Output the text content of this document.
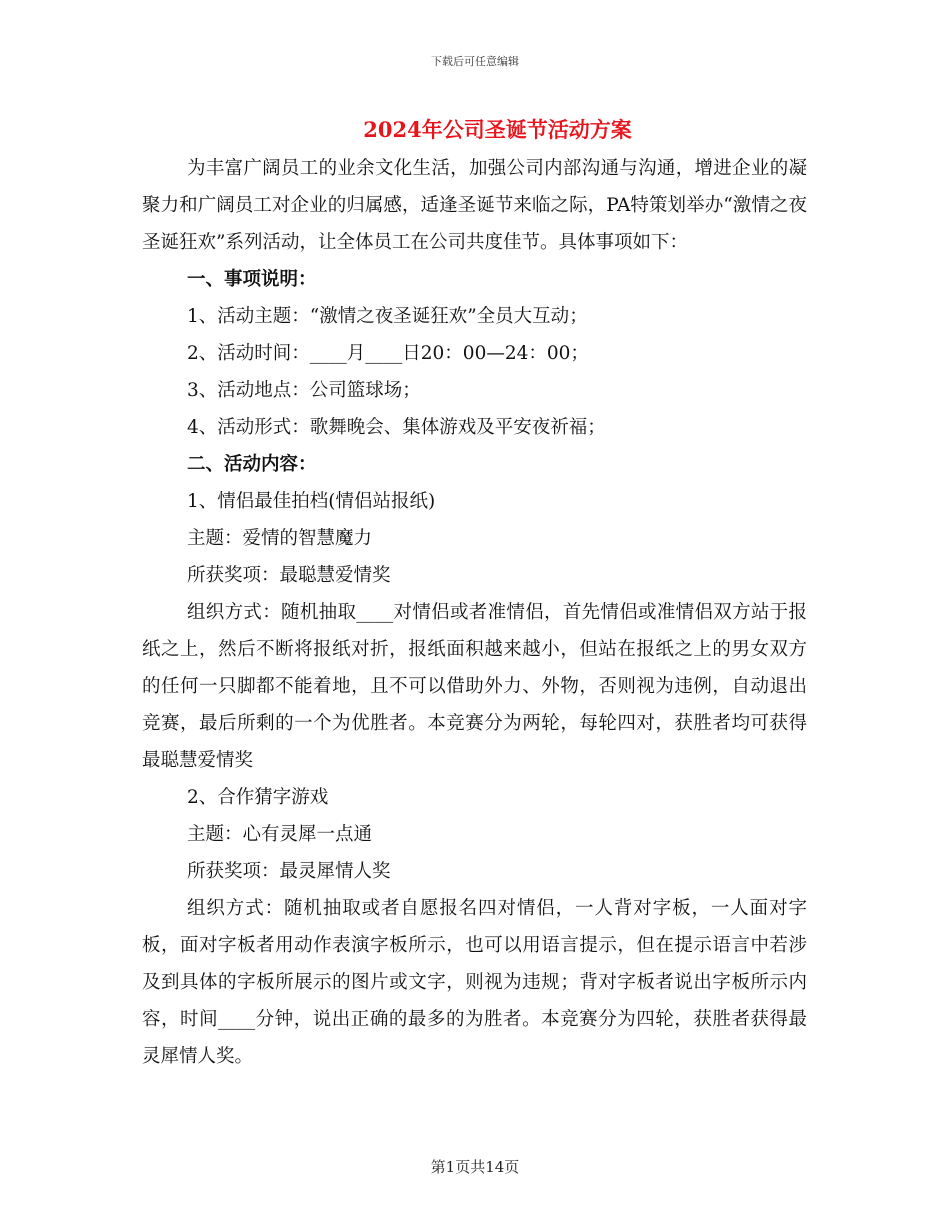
下载后可任意编辑
2024年公司圣诞节活动方案

为丰富广阔员工的业余文化生活，加强公司内部沟通与沟通，增进企业的凝聚力和广阔员工对企业的归属感，适逢圣诞节来临之际，PA特策划举办“激情之夜圣诞狂欢”系列活动，让全体员工在公司共度佳节。具体事项如下：

一、事项说明：

1、活动主题：“激情之夜圣诞狂欢”全员大互动；

2、活动时间：____月____日20：00—24：00；

3、活动地点：公司篮球场；

4、活动形式：歌舞晚会、集体游戏及平安夜祈福；

二、活动内容：

1、情侣最佳拍档(情侣站报纸)

主题：爱情的智慧魔力

所获奖项：最聪慧爱情奖

组织方式：随机抽取____对情侣或者准情侣，首先情侣或准情侣双方站于报纸之上，然后不断将报纸对折，报纸面积越来越小，但站在报纸之上的男女双方的任何一只脚都不能着地，且不可以借助外力、外物，否则视为违例，自动退出竞赛，最后所剩的一个为优胜者。本竞赛分为两轮，每轮四对，获胜者均可获得最聪慧爱情奖

2、合作猜字游戏

主题：心有灵犀一点通

所获奖项：最灵犀情人奖

组织方式：随机抽取或者自愿报名四对情侣，一人背对字板，一人面对字板，面对字板者用动作表演字板所示，也可以用语言提示，但在提示语言中若涉及到具体的字板所展示的图片或文字，则视为违规；背对字板者说出字板所示内容，时间____分钟，说出正确的最多的为胜者。本竞赛分为四轮，获胜者获得最灵犀情人奖。

第1页共14页
